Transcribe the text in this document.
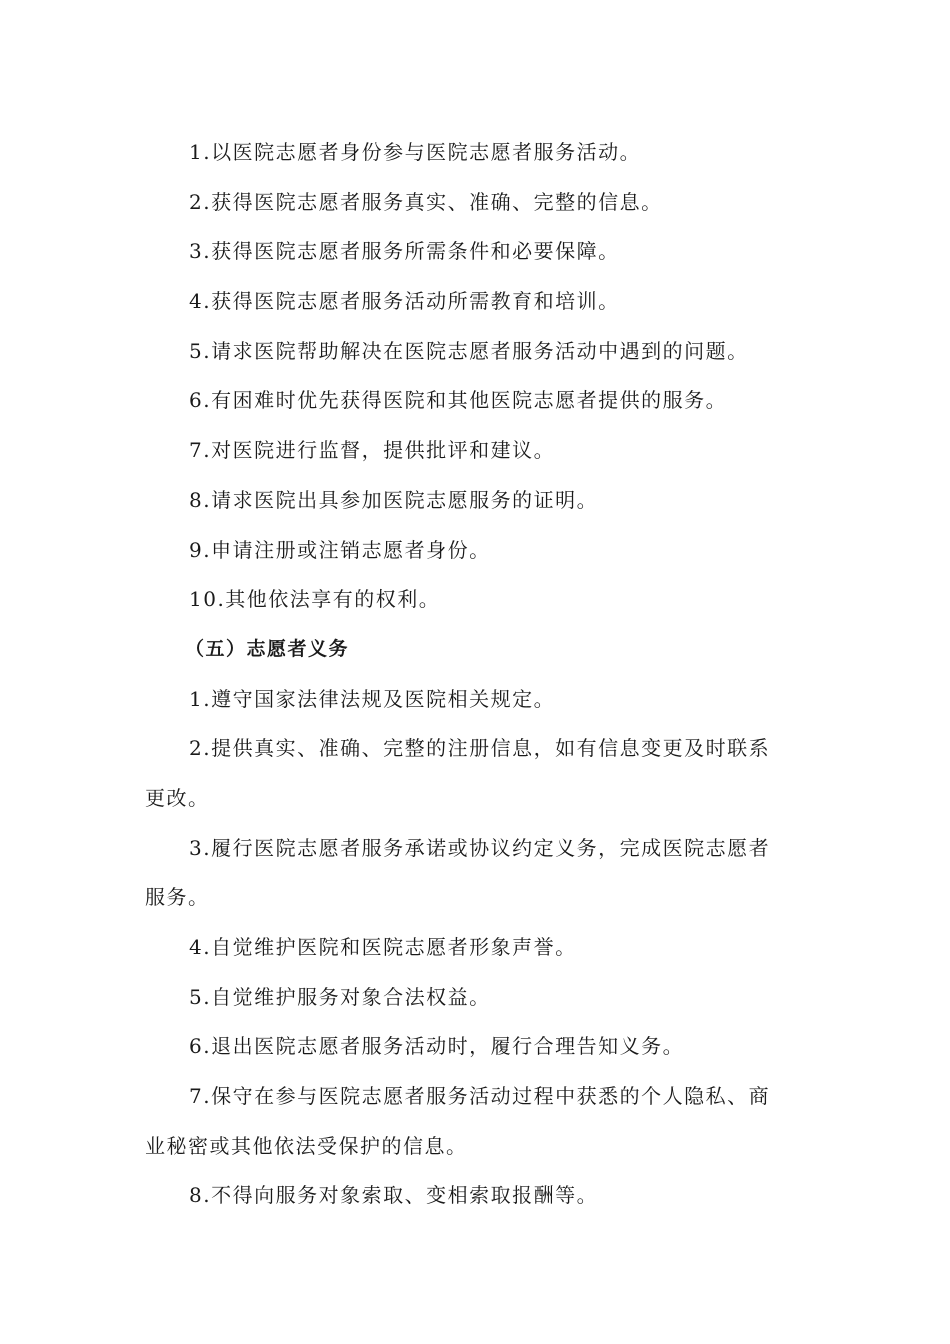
1.以医院志愿者身份参与医院志愿者服务活动。
2.获得医院志愿者服务真实、准确、完整的信息。
3.获得医院志愿者服务所需条件和必要保障。
4.获得医院志愿者服务活动所需教育和培训。
5.请求医院帮助解决在医院志愿者服务活动中遇到的问题。
6.有困难时优先获得医院和其他医院志愿者提供的服务。
7.对医院进行监督，提供批评和建议。
8.请求医院出具参加医院志愿服务的证明。
9.申请注册或注销志愿者身份。
10.其他依法享有的权利。
（五）志愿者义务
1.遵守国家法律法规及医院相关规定。
2.提供真实、准确、完整的注册信息，如有信息变更及时联系
更改。
3.履行医院志愿者服务承诺或协议约定义务，完成医院志愿者
服务。
4.自觉维护医院和医院志愿者形象声誉。
5.自觉维护服务对象合法权益。
6.退出医院志愿者服务活动时，履行合理告知义务。
7.保守在参与医院志愿者服务活动过程中获悉的个人隐私、商
业秘密或其他依法受保护的信息。
8.不得向服务对象索取、变相索取报酬等。
